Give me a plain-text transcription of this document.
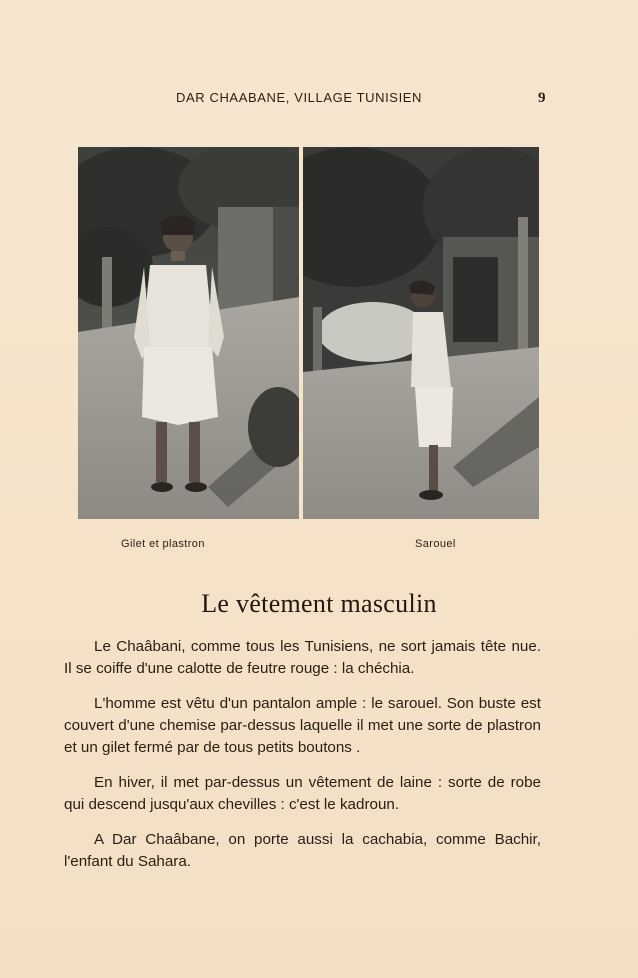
DAR CHAABANE, VILLAGE TUNISIEN	9
Gilet et plastron	Sarouel
Le vêtement masculin

Le Chaâbani, comme tous les Tunisiens, ne sort jamais tête nue. Il se coiffe d'une calotte de feutre rouge : la chéchia.

L'homme est vêtu d'un pantalon ample : le sarouel. Son buste est couvert d'une chemise par-dessus laquelle il met une sorte de plastron et un gilet fermé par de tous petits boutons .

En hiver, il met par-dessus un vêtement de laine : sorte de robe qui descend jusqu'aux chevilles : c'est le kadroun.

A Dar Chaâbane, on porte aussi la cachabia, comme Bachir, l'enfant du Sahara.
